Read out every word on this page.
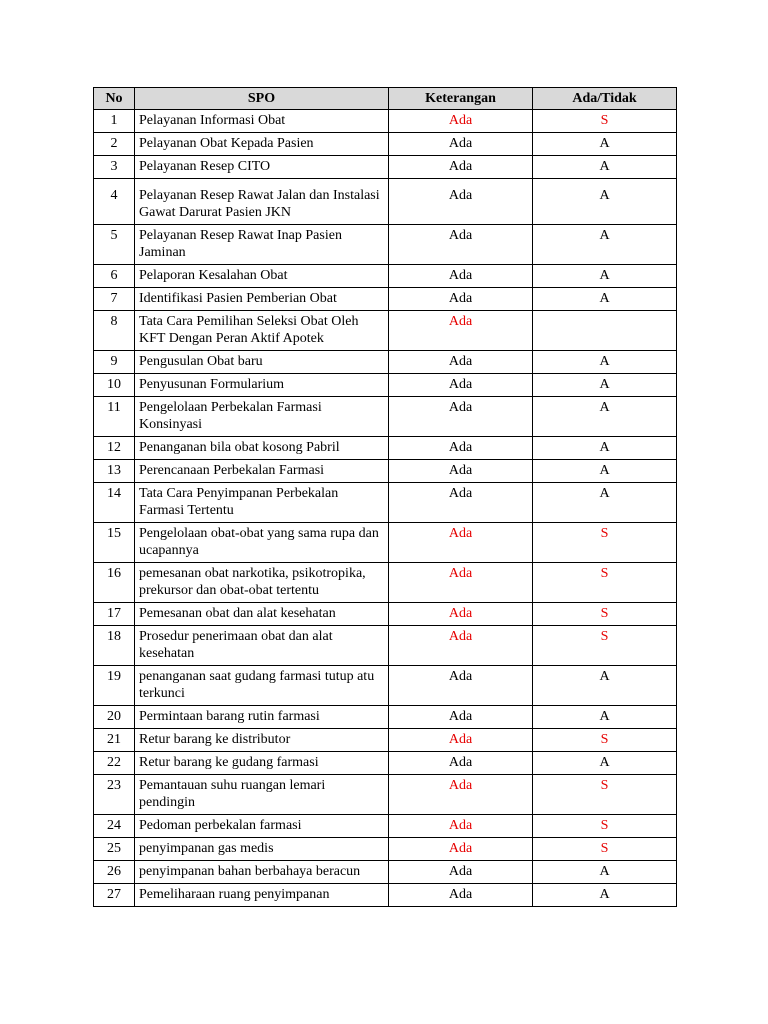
No	SPO	Keterangan	Ada/Tidak
1	Pelayanan Informasi Obat	Ada	S
2	Pelayanan Obat Kepada Pasien	Ada	A
3	Pelayanan Resep CITO	Ada	A
4	Pelayanan Resep Rawat Jalan dan Instalasi Gawat Darurat Pasien JKN	Ada	A
5	Pelayanan Resep Rawat Inap Pasien Jaminan	Ada	A
6	Pelaporan Kesalahan Obat	Ada	A
7	Identifikasi Pasien Pemberian Obat	Ada	A
8	Tata Cara Pemilihan Seleksi Obat Oleh KFT Dengan Peran Aktif Apotek	Ada	
9	Pengusulan Obat baru	Ada	A
10	Penyusunan Formularium	Ada	A
11	Pengelolaan Perbekalan Farmasi Konsinyasi	Ada	A
12	Penanganan bila obat kosong Pabril	Ada	A
13	Perencanaan Perbekalan Farmasi	Ada	A
14	Tata Cara Penyimpanan Perbekalan Farmasi Tertentu	Ada	A
15	Pengelolaan obat-obat yang sama rupa dan ucapannya	Ada	S
16	pemesanan obat narkotika, psikotropika, prekursor dan obat-obat tertentu	Ada	S
17	Pemesanan obat dan alat kesehatan	Ada	S
18	Prosedur penerimaan obat dan alat kesehatan	Ada	S
19	penanganan saat gudang farmasi tutup atu terkunci	Ada	A
20	Permintaan barang rutin farmasi	Ada	A
21	Retur barang ke distributor	Ada	S
22	Retur barang ke gudang farmasi	Ada	A
23	Pemantauan suhu ruangan lemari pendingin	Ada	S
24	Pedoman perbekalan farmasi	Ada	S
25	penyimpanan gas medis	Ada	S
26	penyimpanan bahan berbahaya beracun	Ada	A
27	Pemeliharaan ruang penyimpanan	Ada	A
